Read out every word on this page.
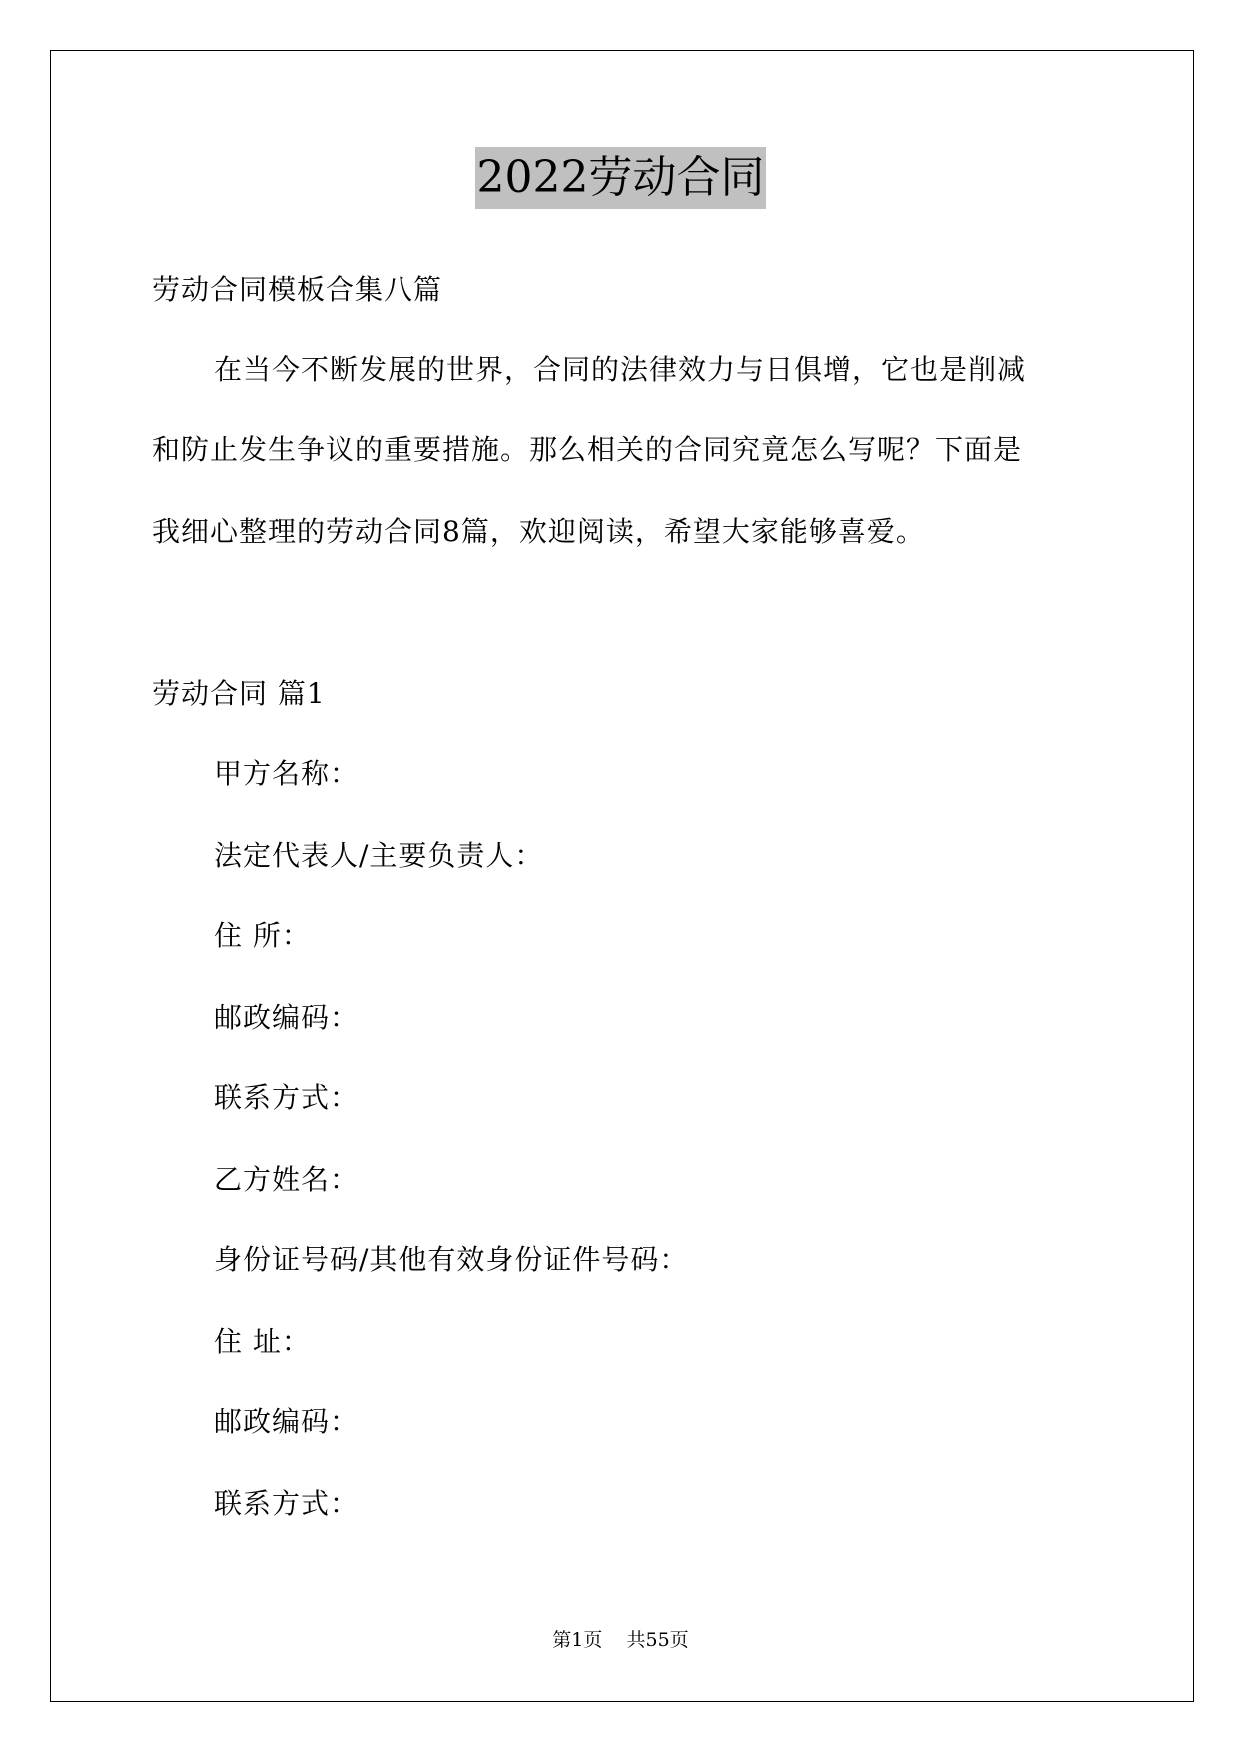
2022劳动合同
劳动合同模板合集八篇
在当今不断发展的世界，合同的法律效力与日俱增，它也是削减
和防止发生争议的重要措施。那么相关的合同究竟怎么写呢？下面是
我细心整理的劳动合同8篇，欢迎阅读，希望大家能够喜爱。
劳动合同 篇1
甲方名称：
法定代表人/主要负责人：
住 所：
邮政编码：
联系方式：
乙方姓名：
身份证号码/其他有效身份证件号码：
住 址：
邮政编码：
联系方式：
第1页 共55页
